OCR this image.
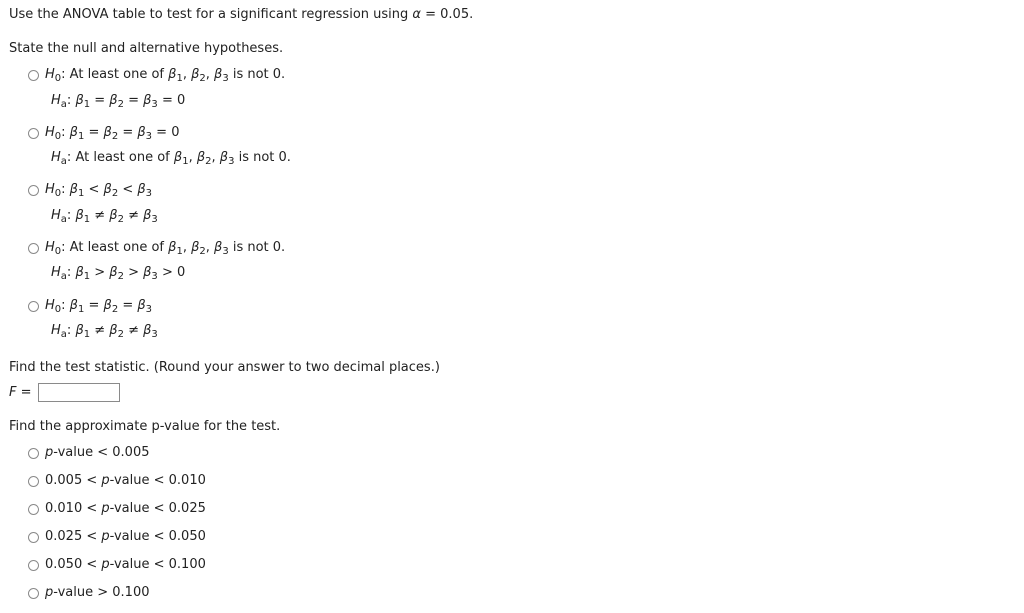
Use the ANOVA table to test for a significant regression using α = 0.05.
State the null and alternative hypotheses.
$H_0$: At least one of $\beta_1$, $\beta_2$, $\beta_3$ is not 0.
$H_a$: $\beta_1 = \beta_2 = \beta_3 = 0$
$H_0$: $\beta_1 = \beta_2 = \beta_3 = 0$
$H_a$: At least one of $\beta_1$, $\beta_2$, $\beta_3$ is not 0.
$H_0$: $\beta_1 < \beta_2 < \beta_3$
$H_a$: $\beta_1 \ne \beta_2 \ne \beta_3$
$H_0$: At least one of $\beta_1$, $\beta_2$, $\beta_3$ is not 0.
$H_a$: $\beta_1 > \beta_2 > \beta_3 > 0$
$H_0$: $\beta_1 = \beta_2 = \beta_3$
$H_a$: $\beta_1 \ne \beta_2 \ne \beta_3$
Find the test statistic. (Round your answer to two decimal places.)
F =
Find the approximate p-value for the test.
p-value < 0.005
0.005 < p-value < 0.010
0.010 < p-value < 0.025
0.025 < p-value < 0.050
0.050 < p-value < 0.100
p-value > 0.100
